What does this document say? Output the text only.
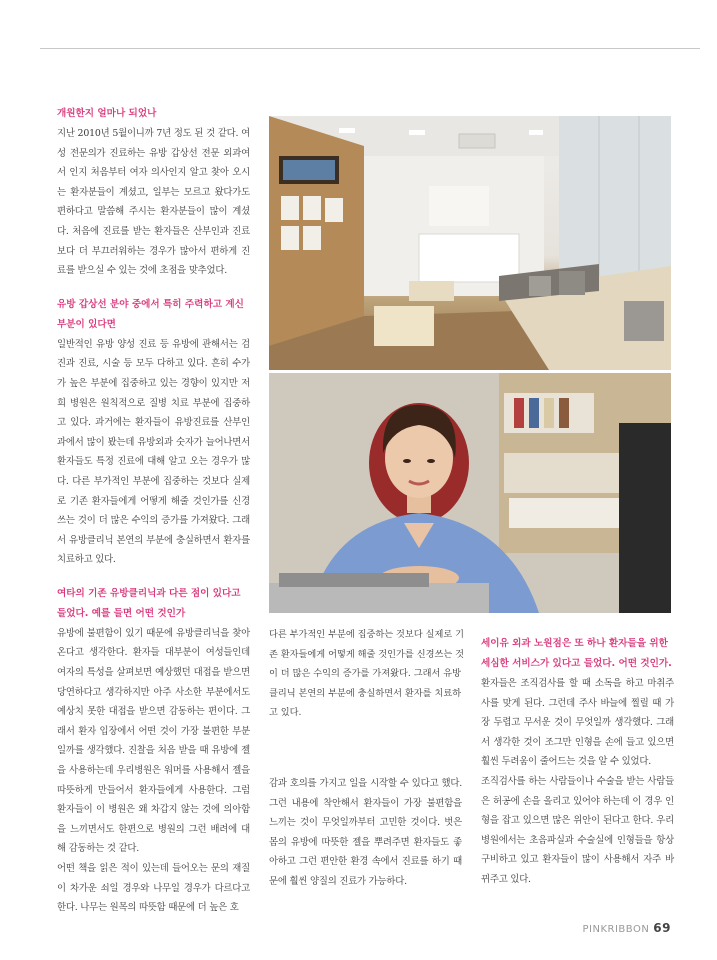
개원한지 얼마나 되었나

지난 2010년 5월이니까 7년 정도 된 것 같다. 여성 전문의가 진료하는 유방 갑상선 전문 외과여서 인지 처음부터 여자 의사인지 알고 찾아 오시는 환자분들이 계셨고, 일부는 모르고 왔다가도 편하다고 말씀해 주시는 환자분들이 많이 계셨다. 처음에 진료를 받는 환자들은 산부인과 진료보다 더 부끄러워하는 경우가 많아서 편하게 진료를 받으실 수 있는 것에 초점을 맞추었다.

유방 갑상선 분야 중에서 특히 주력하고 계신 부분이 있다면

일반적인 유방 양성 진료 등 유방에 관해서는 검진과 진료, 시술 등 모두 다하고 있다. 흔히 수가가 높은 부분에 집중하고 있는 경향이 있지만 저희 병원은 원칙적으로 질병 치료 부분에 집중하고 있다. 과거에는 환자들이 유방진료를 산부인과에서 많이 봤는데 유방외과 숫자가 늘어나면서 환자들도 특정 진료에 대해 알고 오는 경우가 많다. 다른 부가적인 부분에 집중하는 것보다 실제로 기존 환자들에게 어떻게 해줄 것인가를 신경쓰는 것이 더 많은 수익의 증가를 가져왔다. 그래서 유방클리닉 본연의 부분에 충실하면서 환자를 치료하고 있다.

여타의 기존 유방클리닉과 다른 점이 있다고 들었다. 예를 들면 어떤 것인가

유방에 불편함이 있기 때문에 유방클리닉을 찾아온다고 생각한다. 환자들 대부분이 여성들인데 여자의 특성을 살펴보면 예상했던 대접을 받으면 당연하다고 생각하지만 아주 사소한 부분에서도 예상치 못한 대접을 받으면 감동하는 편이다. 그래서 환자 입장에서 어떤 것이 가장 불편한 부분일까를 생각했다. 진찰을 처음 받을 때 유방에 젤을 사용하는데 우리병원은 워머를 사용해서 젤을 따뜻하게 만들어서 환자들에게 사용한다. 그럼 환자들이 이 병원은 왜 차갑지 않는 것에 의아함을 느끼면서도 한편으로 병원의 그런 배려에 대해 감동하는 것 같다.

어떤 책을 읽은 적이 있는데 들어오는 문의 재질이 차가운 쇠일 경우와 나무일 경우가 다르다고 한다. 나무는 원목의 따뜻함 때문에 더 높은 호

다른 부가적인 부분에 집중하는 것보다 실제로 기존 환자들에게 어떻게 해줄 것인가를 신경쓰는 것이 더 많은 수익의 증가를 가져왔다. 그래서 유방클리닉 본연의 부분에 충실하면서 환자를 치료하고 있다.

감과 호의를 가지고 일을 시작할 수 있다고 했다. 그런 내용에 착안해서 환자들이 가장 불편함을 느끼는 것이 무엇일까부터 고민한 것이다. 벗은 몸의 유방에 따뜻한 젤을 뿌려주면 환자들도 좋아하고 그런 편안한 환경 속에서 진료를 하기 때문에 훨씬 양질의 진료가 가능하다.

세이유 외과 노원점은 또 하나 환자들을 위한 세심한 서비스가 있다고 들었다. 어떤 것인가.

환자들은 조직검사를 할 때 소독을 하고 마취주사를 맞게 된다. 그런데 주사 바늘에 찔릴 때 가장 두렵고 무서운 것이 무엇일까 생각했다. 그래서 생각한 것이 조그만 인형을 손에 들고 있으면 훨씬 두려움이 줄어드는 것을 알 수 있었다.

조직검사를 하는 사람들이나 수술을 받는 사람들은 허공에 손을 올리고 있어야 하는데 이 경우 인형을 잡고 있으면 많은 위안이 된다고 한다. 우리 병원에서는 초음파실과 수술실에 인형들을 항상 구비하고 있고 환자들이 많이 사용해서 자주 바뀌주고 있다.

PINKRIBBON 69
